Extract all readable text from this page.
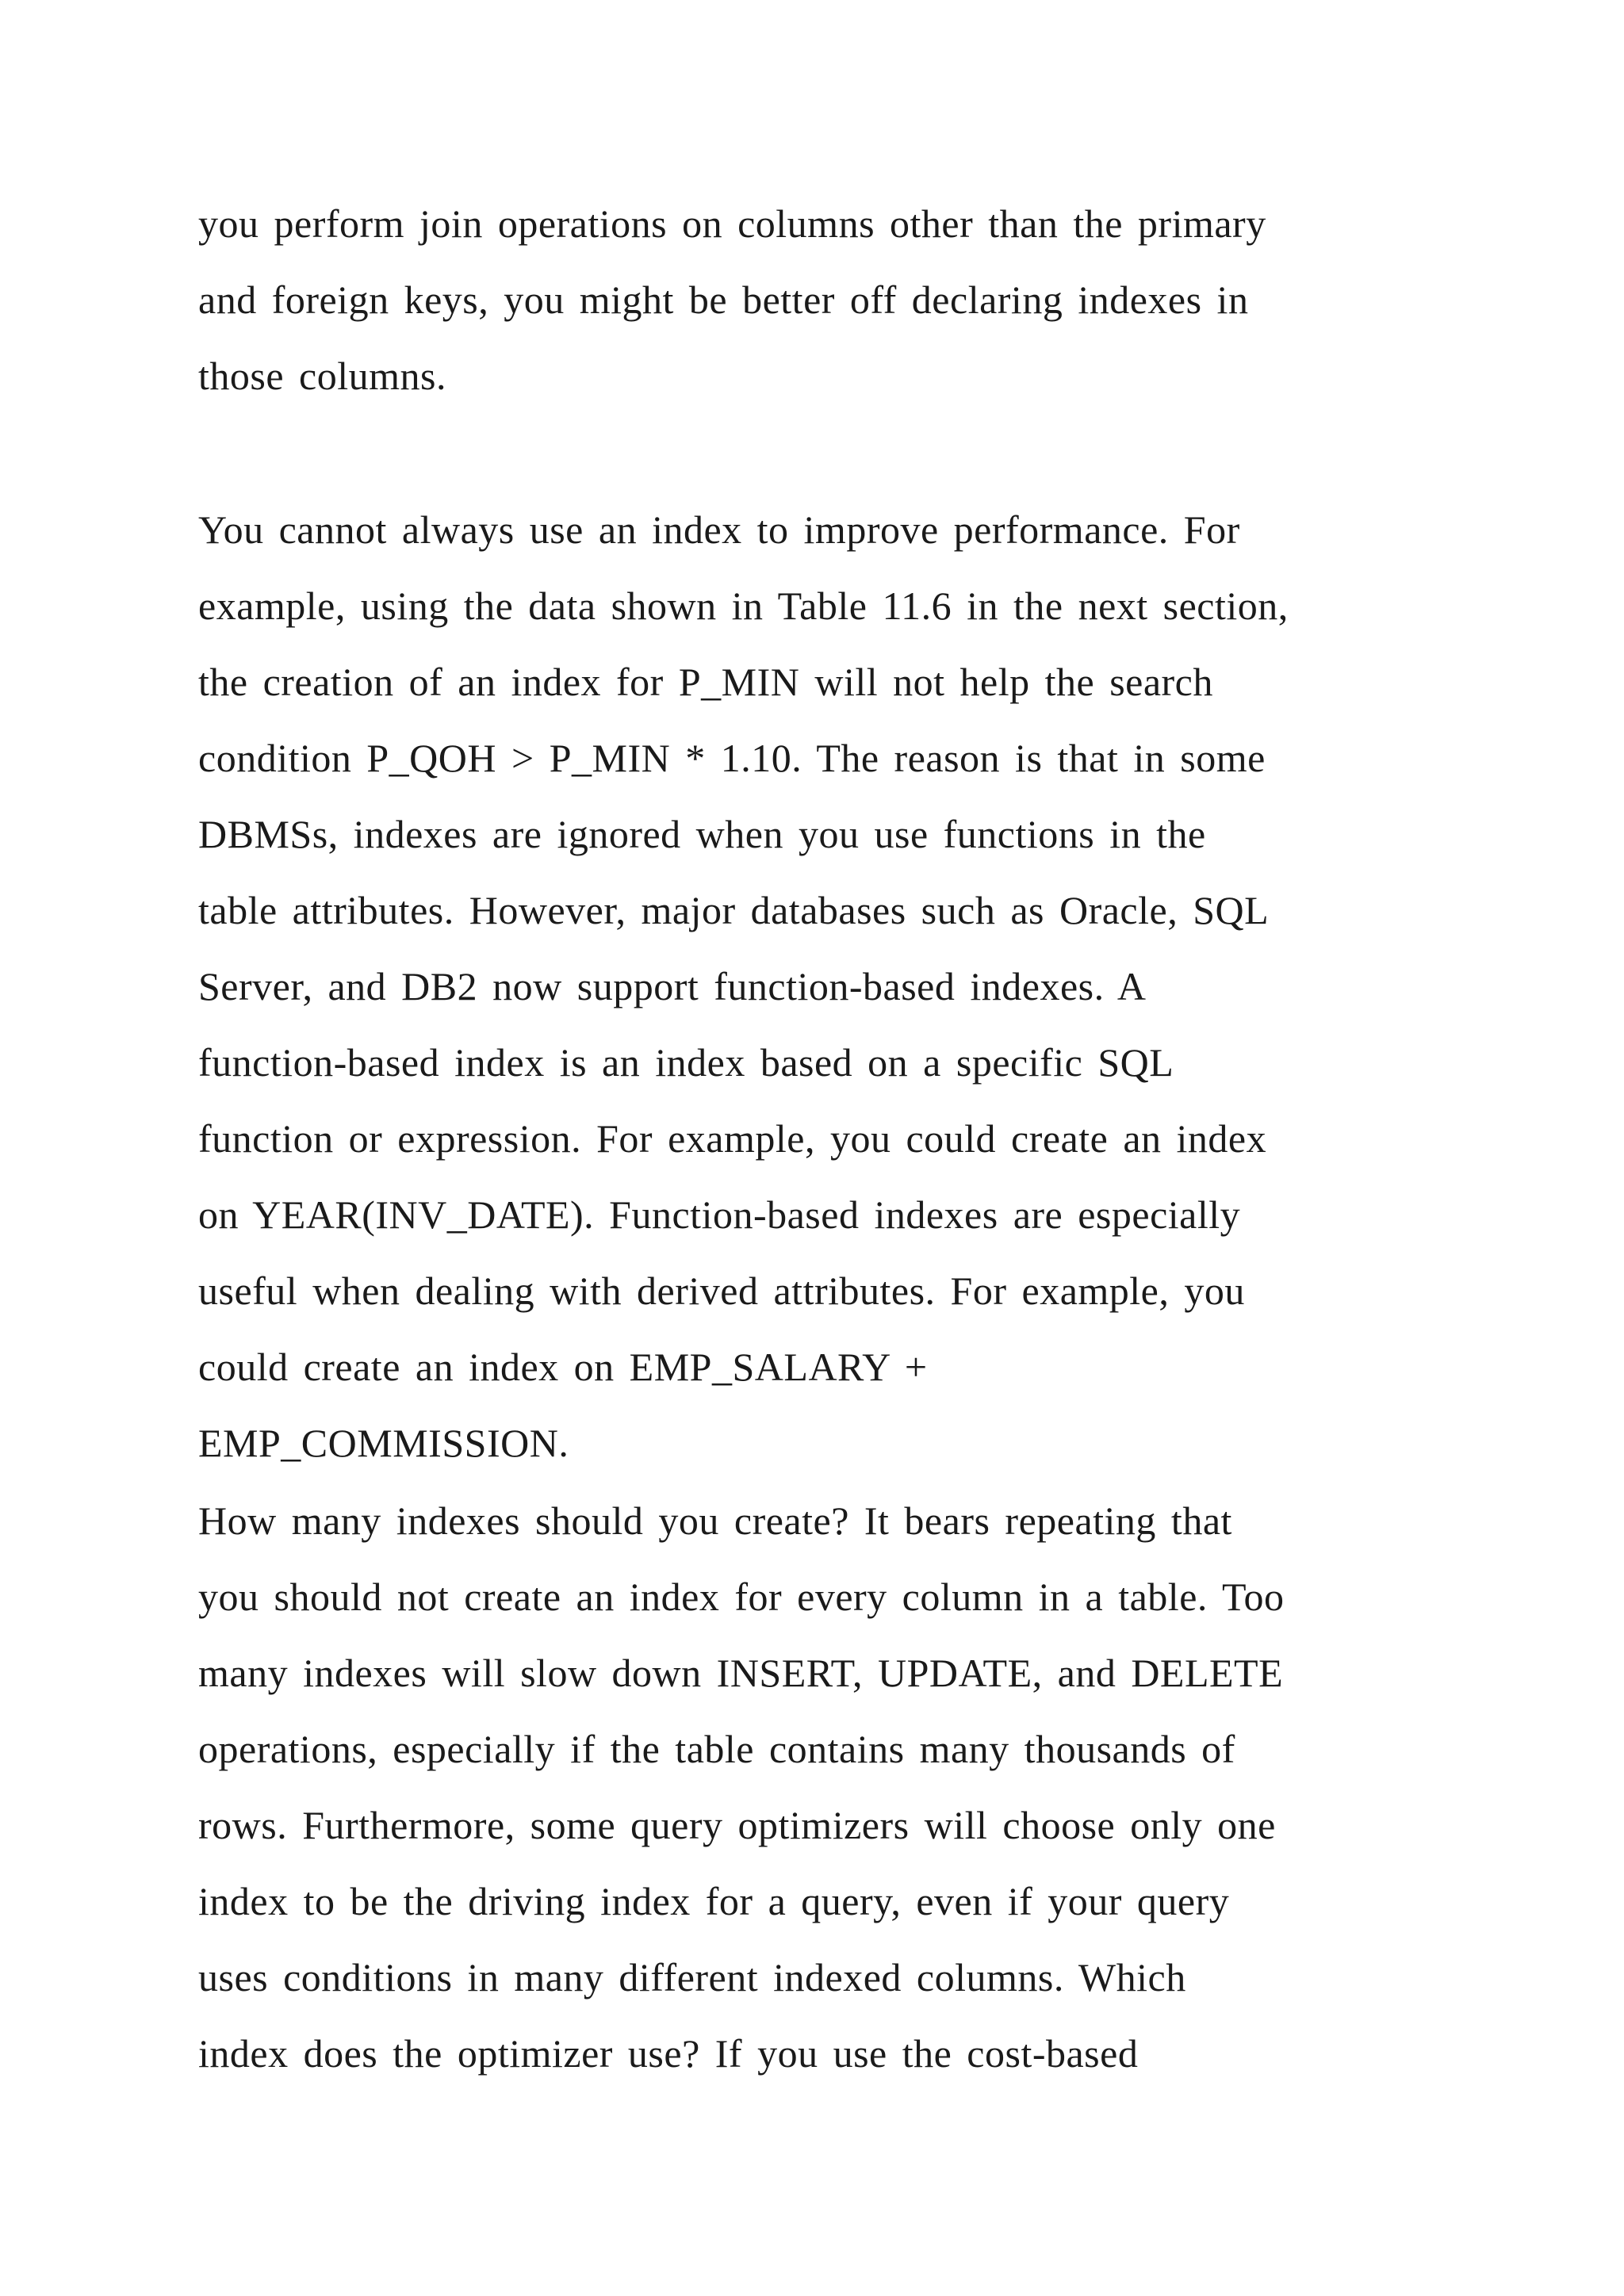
you perform join operations on columns other than the primary
and foreign keys, you might be better off declaring indexes in
those columns.
You cannot always use an index to improve performance. For
example, using the data shown in Table 11.6 in the next section,
the creation of an index for P_MIN will not help the search
condition P_QOH > P_MIN * 1.10. The reason is that in some
DBMSs, indexes are ignored when you use functions in the
table attributes. However, major databases such as Oracle, SQL
Server, and DB2 now support function-based indexes. A
function-based index is an index based on a specific SQL
function or expression. For example, you could create an index
on YEAR(INV_DATE). Function-based indexes are especially
useful when dealing with derived attributes. For example, you
could create an index on EMP_SALARY +
EMP_COMMISSION.
How many indexes should you create? It bears repeating that
you should not create an index for every column in a table. Too
many indexes will slow down INSERT, UPDATE, and DELETE
operations, especially if the table contains many thousands of
rows. Furthermore, some query optimizers will choose only one
index to be the driving index for a query, even if your query
uses conditions in many different indexed columns. Which
index does the optimizer use? If you use the cost-based
